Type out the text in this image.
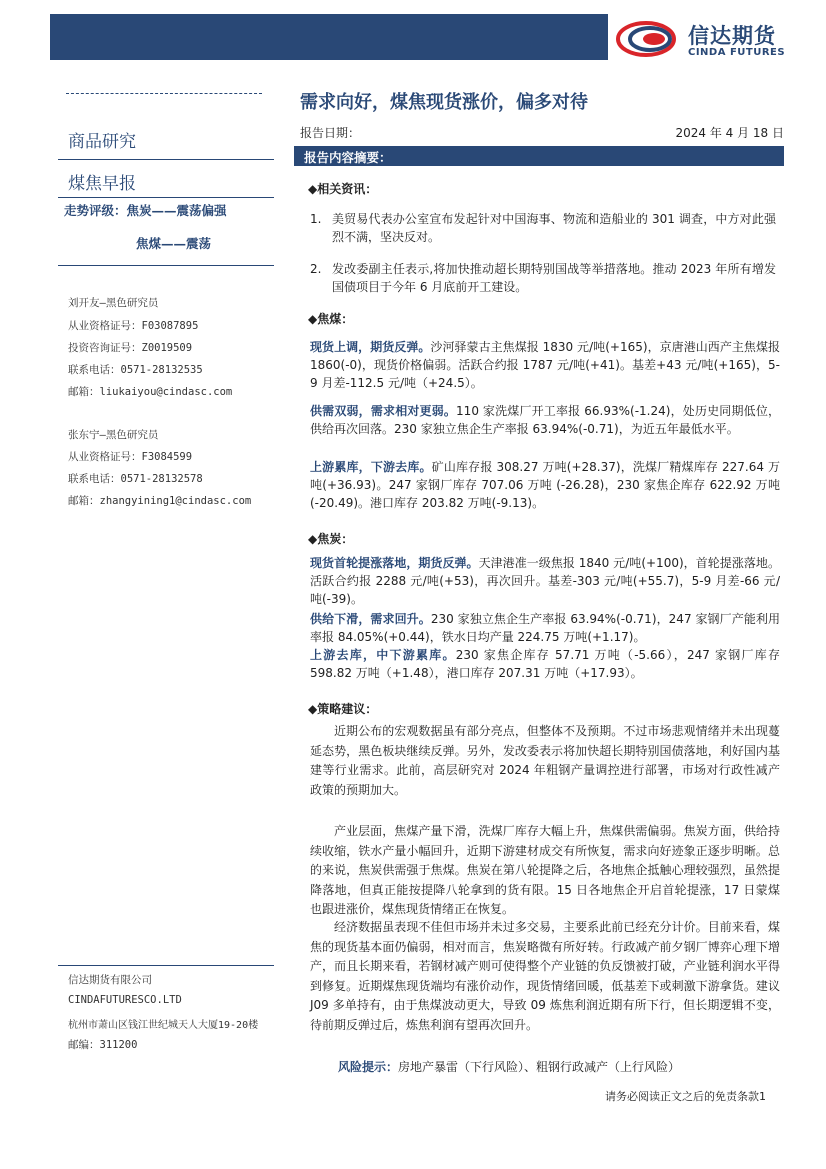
信达期货
CINDA FUTURES
商品研究
煤焦早报
走势评级：焦炭——震荡偏强
焦煤——震荡
刘开友—黑色研究员
从业资格证号：F03087895
投资咨询证号：Z0019509
联系电话：0571-28132535
邮箱：liukaiyou@cindasc.com
张东宁—黑色研究员
从业资格证号：F3084599
联系电话：0571-28132578
邮箱：zhangyining1@cindasc.com
信达期货有限公司
CINDAFUTURESCO.LTD
杭州市萧山区钱江世纪城天人大厦19-20楼
邮编：311200
需求向好，煤焦现货涨价，偏多对待
报告日期：	2024 年 4 月 18 日
报告内容摘要：
◆相关资讯：
1. 美贸易代表办公室宣布发起针对中国海事、物流和造船业的 301 调查，中方对此强烈不满，坚决反对。
2. 发改委副主任表示,将加快推动超长期特别国战等举措落地。推动 2023 年所有增发国债项目于今年 6 月底前开工建设。
◆焦煤：
现货上调，期货反弹。沙河驿蒙古主焦煤报 1830 元/吨(+165)，京唐港山西产主焦煤报 1860(-0)，现货价格偏弱。活跃合约报 1787 元/吨(+41)。基差+43 元/吨(+165)，5-9 月差-112.5 元/吨（+24.5）。
供需双弱，需求相对更弱。110 家洗煤厂开工率报 66.93%(-1.24)，处历史同期低位，供给再次回落。230 家独立焦企生产率报 63.94%(-0.71)，为近五年最低水平。
上游累库，下游去库。矿山库存报 308.27 万吨(+28.37)，洗煤厂精煤库存 227.64 万吨(+36.93)。247 家钢厂库存 707.06 万吨 (-26.28)，230 家焦企库存 622.92 万吨(-20.49)。港口库存 203.82 万吨(-9.13)。
◆焦炭：
现货首轮提涨落地，期货反弹。天津港准一级焦报 1840 元/吨(+100)，首轮提涨落地。活跃合约报 2288 元/吨(+53)，再次回升。基差-303 元/吨(+55.7)，5-9 月差-66 元/吨(-39)。
供给下滑，需求回升。230 家独立焦企生产率报 63.94%(-0.71)，247 家钢厂产能利用率报 84.05%(+0.44)，铁水日均产量 224.75 万吨(+1.17)。
上游去库，中下游累库。230 家焦企库存 57.71 万吨（-5.66），247 家钢厂库存 598.82 万吨（+1.48），港口库存 207.31 万吨（+17.93）。
◆策略建议：
近期公布的宏观数据虽有部分亮点，但整体不及预期。不过市场悲观情绪并未出现蔓延态势，黑色板块继续反弹。另外，发改委表示将加快超长期特别国债落地，利好国内基建等行业需求。此前，高层研究对 2024 年粗钢产量调控进行部署，市场对行政性减产政策的预期加大。
产业层面，焦煤产量下滑，洗煤厂库存大幅上升，焦煤供需偏弱。焦炭方面，供给持续收缩，铁水产量小幅回升，近期下游建材成交有所恢复，需求向好迹象正逐步明晰。总的来说，焦炭供需强于焦煤。焦炭在第八轮提降之后，各地焦企抵触心理较强烈，虽然提降落地，但真正能按提降八轮拿到的货有限。15 日各地焦企开启首轮提涨，17 日蒙煤也跟进涨价，煤焦现货情绪正在恢复。
经济数据虽表现不佳但市场并未过多交易，主要系此前已经充分计价。目前来看，煤焦的现货基本面仍偏弱，相对而言，焦炭略微有所好转。行政减产前夕钢厂博弈心理下增产，而且长期来看，若钢材减产则可使得整个产业链的负反馈被打破，产业链利润水平得到修复。近期煤焦现货端均有涨价动作，现货情绪回暖，低基差下或刺激下游拿货。建议 J09 多单持有，由于焦煤波动更大，导致 09 炼焦利润近期有所下行，但长期逻辑不变，待前期反弹过后，炼焦利润有望再次回升。
风险提示：房地产暴雷（下行风险）、粗钢行政减产（上行风险）
请务必阅读正文之后的免责条款1
